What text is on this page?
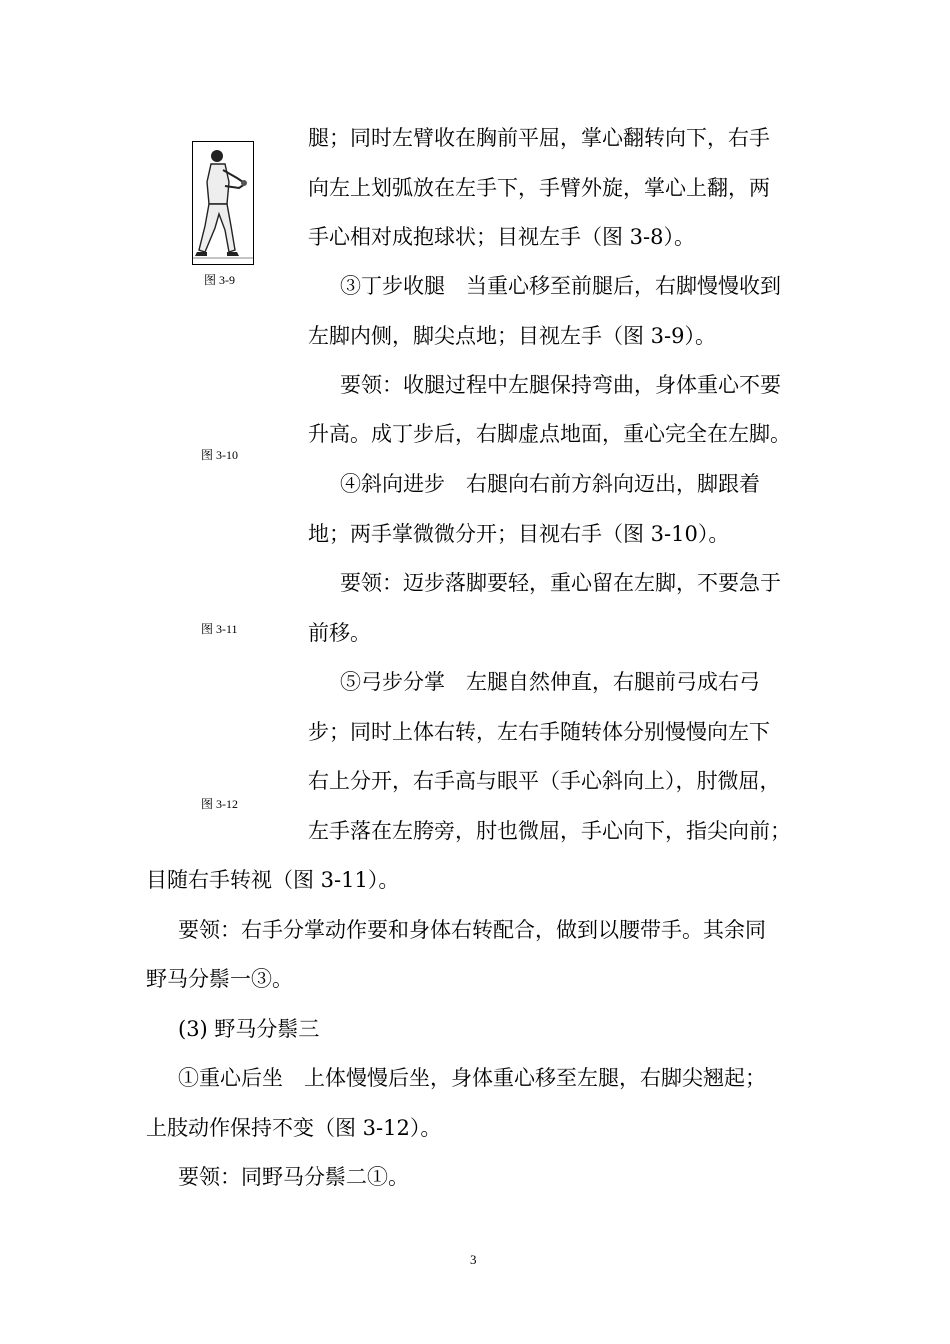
图 3-9
图 3-10
图 3-11
图 3-12
腿；同时左臂收在胸前平屈，掌心翻转向下，右手
向左上划弧放在左手下，手臂外旋，掌心上翻，两
手心相对成抱球状；目视左手（图 3-8）。
③丁步收腿　当重心移至前腿后，右脚慢慢收到
左脚内侧，脚尖点地；目视左手（图 3-9）。
要领：收腿过程中左腿保持弯曲，身体重心不要
升高。成丁步后，右脚虚点地面，重心完全在左脚。
④斜向进步　右腿向右前方斜向迈出，脚跟着
地；两手掌微微分开；目视右手（图 3-10）。
要领：迈步落脚要轻，重心留在左脚，不要急于
前移。
⑤弓步分掌　左腿自然伸直，右腿前弓成右弓
步；同时上体右转，左右手随转体分别慢慢向左下
右上分开，右手高与眼平（手心斜向上），肘微屈，
左手落在左胯旁，肘也微屈，手心向下，指尖向前；
目随右手转视（图 3-11）。
要领：右手分掌动作要和身体右转配合，做到以腰带手。其余同
野马分鬃一③。
(3) 野马分鬃三
①重心后坐　上体慢慢后坐，身体重心移至左腿，右脚尖翘起；
上肢动作保持不变（图 3-12）。
要领：同野马分鬃二①。
3
